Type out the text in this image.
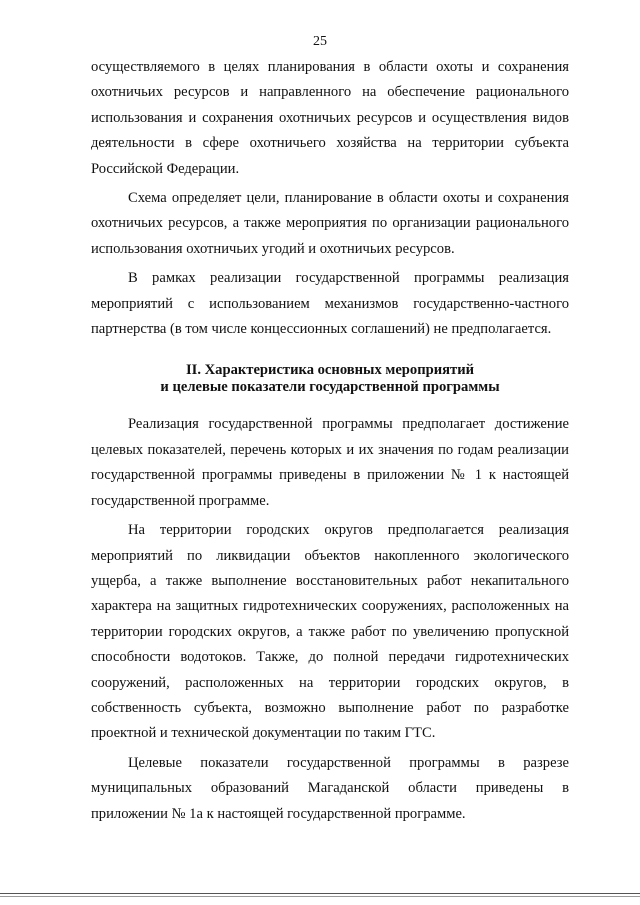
25

осуществляемого в целях планирования в области охоты и сохранения охотничьих ресурсов и направленного на обеспечение рационального использования и сохранения охотничьих ресурсов и осуществления видов деятельности в сфере охотничьего хозяйства на территории субъекта Российской Федерации.

Схема определяет цели, планирование в области охоты и сохранения охотничьих ресурсов, а также мероприятия по организации рационального использования охотничьих угодий и охотничьих ресурсов.

В рамках реализации государственной программы реализация мероприятий с использованием механизмов государственно-частного партнерства (в том числе концессионных соглашений) не предполагается.

II. Характеристика основных мероприятий
и целевые показатели государственной программы

Реализация государственной программы предполагает достижение целевых показателей, перечень которых и их значения по годам реализации государственной программы приведены в приложении № 1 к настоящей государственной программе.

На территории городских округов предполагается реализация мероприятий по ликвидации объектов накопленного экологического ущерба, а также выполнение восстановительных работ некапитального характера на защитных гидротехнических сооружениях, расположенных на территории городских округов, а также работ по увеличению пропускной способности водотоков. Также, до полной передачи гидротехнических сооружений, расположенных на территории городских округов, в собственность субъекта, возможно выполнение работ по разработке проектной и технической документации по таким ГТС.

Целевые показатели государственной программы в разрезе муниципальных образований Магаданской области приведены в приложении № 1а к настоящей государственной программе.
